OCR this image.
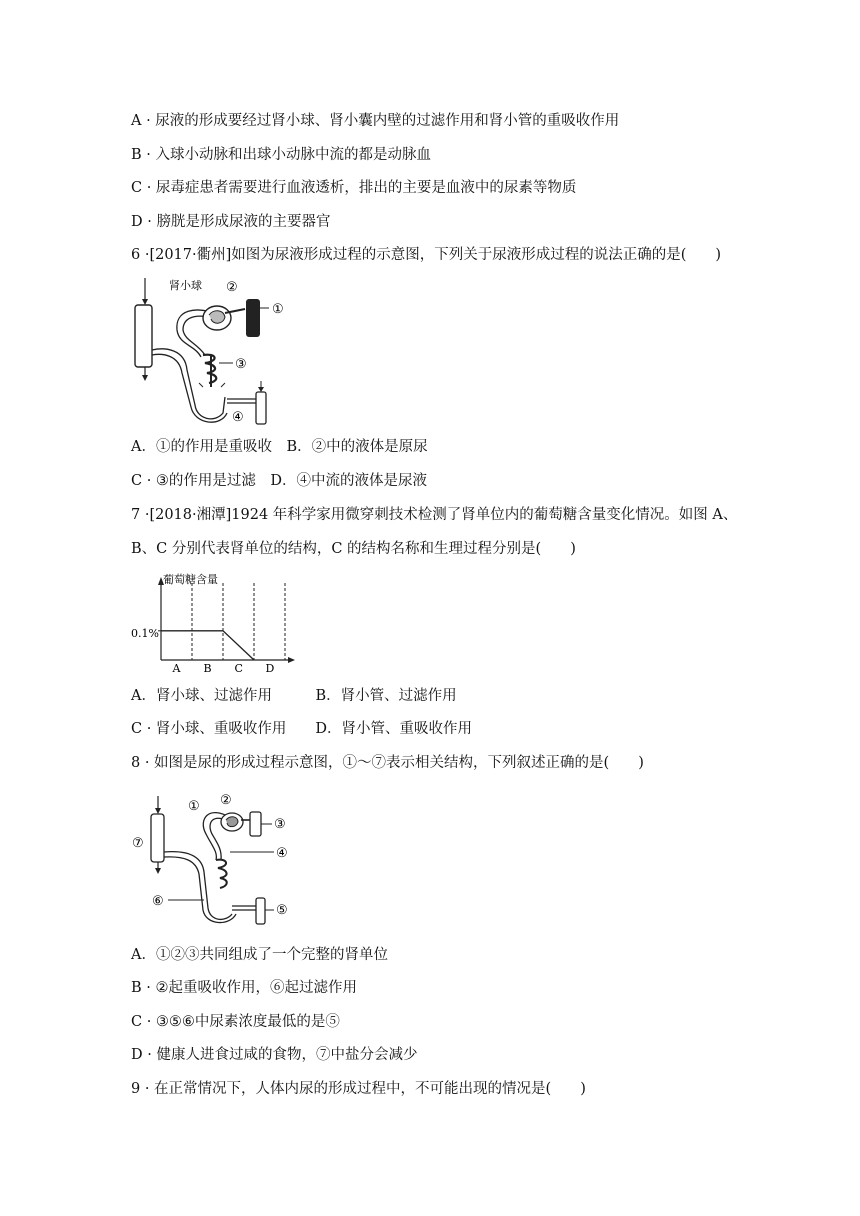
A · 尿液的形成要经过肾小球、肾小囊内壁的过滤作用和肾小管的重吸收作用
B · 入球小动脉和出球小动脉中流的都是动脉血
C · 尿毒症患者需要进行血液透析，排出的主要是血液中的尿素等物质
D · 膀胱是形成尿液的主要器官
6 ·[2017·衢州]如图为尿液形成过程的示意图，下列关于尿液形成过程的说法正确的是(　　)
肾小球
①
②
③
④
A．①的作用是重吸收　B．②中的液体是原尿
C · ③的作用是过滤　D．④中流的液体是尿液
7 ·[2018·湘潭]1924 年科学家用微穿刺技术检测了肾单位内的葡萄糖含量变化情况。如图 A、
B、C 分别代表肾单位的结构，C 的结构名称和生理过程分别是(　　)
葡萄糖含量
A B C D
0.1%
A．肾小球、过滤作用　　　B．肾小管、过滤作用
C · 肾小球、重吸收作用　　D．肾小管、重吸收作用
8 · 如图是尿的形成过程示意图，①～⑦表示相关结构，下列叙述正确的是(　　)
① ②
③
④
⑤
⑥
⑦
A．①②③共同组成了一个完整的肾单位
B · ②起重吸收作用，⑥起过滤作用
C · ③⑤⑥中尿素浓度最低的是⑤
D · 健康人进食过咸的食物，⑦中盐分会减少
9 · 在正常情况下，人体内尿的形成过程中，不可能出现的情况是(　　)
